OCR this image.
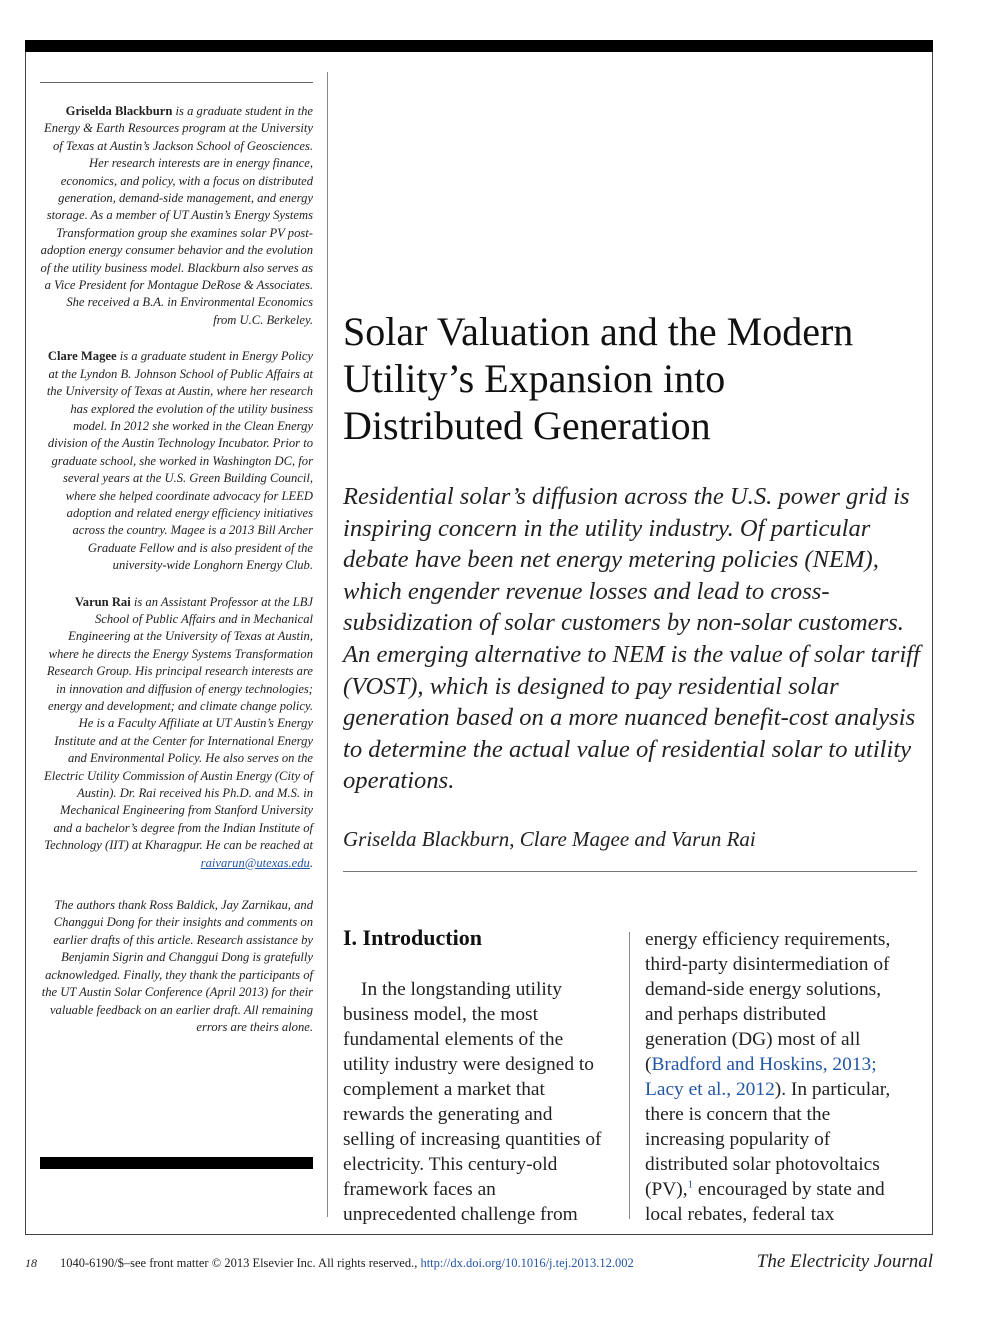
Griselda Blackburn is a graduate student in the Energy & Earth Resources program at the University of Texas at Austin’s Jackson School of Geosciences. Her research interests are in energy finance, economics, and policy, with a focus on distributed generation, demand-side management, and energy storage. As a member of UT Austin’s Energy Systems Transformation group she examines solar PV post-adoption energy consumer behavior and the evolution of the utility business model. Blackburn also serves as a Vice President for Montague DeRose & Associates. She received a B.A. in Environmental Economics from U.C. Berkeley.

Clare Magee is a graduate student in Energy Policy at the Lyndon B. Johnson School of Public Affairs at the University of Texas at Austin, where her research has explored the evolution of the utility business model. In 2012 she worked in the Clean Energy division of the Austin Technology Incubator. Prior to graduate school, she worked in Washington DC, for several years at the U.S. Green Building Council, where she helped coordinate advocacy for LEED adoption and related energy efficiency initiatives across the country. Magee is a 2013 Bill Archer Graduate Fellow and is also president of the university-wide Longhorn Energy Club.

Varun Rai is an Assistant Professor at the LBJ School of Public Affairs and in Mechanical Engineering at the University of Texas at Austin, where he directs the Energy Systems Transformation Research Group. His principal research interests are in innovation and diffusion of energy technologies; energy and development; and climate change policy. He is a Faculty Affiliate at UT Austin’s Energy Institute and at the Center for International Energy and Environmental Policy. He also serves on the Electric Utility Commission of Austin Energy (City of Austin). Dr. Rai received his Ph.D. and M.S. in Mechanical Engineering from Stanford University and a bachelor’s degree from the Indian Institute of Technology (IIT) at Kharagpur. He can be reached at raivarun@utexas.edu.

The authors thank Ross Baldick, Jay Zarnikau, and Changgui Dong for their insights and comments on earlier drafts of this article. Research assistance by Benjamin Sigrin and Changgui Dong is gratefully acknowledged. Finally, they thank the participants of the UT Austin Solar Conference (April 2013) for their valuable feedback on an earlier draft. All remaining errors are theirs alone.

Solar Valuation and the Modern
Utility’s Expansion into
Distributed Generation

Residential solar’s diffusion across the U.S. power grid is inspiring concern in the utility industry. Of particular debate have been net energy metering policies (NEM), which engender revenue losses and lead to cross-subsidization of solar customers by non-solar customers. An emerging alternative to NEM is the value of solar tariff (VOST), which is designed to pay residential solar generation based on a more nuanced benefit-cost analysis to determine the actual value of residential solar to utility operations.

Griselda Blackburn, Clare Magee and Varun Rai

I. Introduction
In the longstanding utility
business model, the most
fundamental elements of the
utility industry were designed to
complement a market that
rewards the generating and
selling of increasing quantities of
electricity. This century-old
framework faces an
unprecedented challenge from
energy efficiency requirements,
third-party disintermediation of
demand-side energy solutions,
and perhaps distributed
generation (DG) most of all
(Bradford and Hoskins, 2013;
Lacy et al., 2012). In particular,
there is concern that the
increasing popularity of
distributed solar photovoltaics
(PV),$^1$ encouraged by state and
local rebates, federal tax
18 1040-6190/$–see front matter © 2013 Elsevier Inc. All rights reserved., http://dx.doi.org/10.1016/j.tej.2013.12.002	The Electricity Journal
